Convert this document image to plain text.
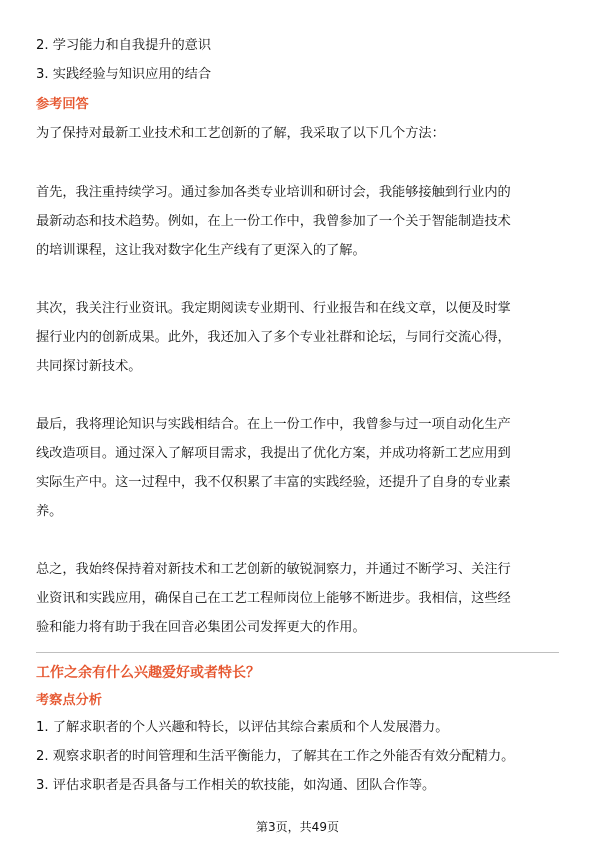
2. 学习能力和自我提升的意识
3. 实践经验与知识应用的结合
参考回答
为了保持对最新工业技术和工艺创新的了解，我采取了以下几个方法：
首先，我注重持续学习。通过参加各类专业培训和研讨会，我能够接触到行业内的
最新动态和技术趋势。例如，在上一份工作中，我曾参加了一个关于智能制造技术
的培训课程，这让我对数字化生产线有了更深入的了解。
其次，我关注行业资讯。我定期阅读专业期刊、行业报告和在线文章，以便及时掌
握行业内的创新成果。此外，我还加入了多个专业社群和论坛，与同行交流心得，
共同探讨新技术。
最后，我将理论知识与实践相结合。在上一份工作中，我曾参与过一项自动化生产
线改造项目。通过深入了解项目需求，我提出了优化方案，并成功将新工艺应用到
实际生产中。这一过程中，我不仅积累了丰富的实践经验，还提升了自身的专业素
养。
总之，我始终保持着对新技术和工艺创新的敏锐洞察力，并通过不断学习、关注行
业资讯和实践应用，确保自己在工艺工程师岗位上能够不断进步。我相信，这些经
验和能力将有助于我在回音必集团公司发挥更大的作用。
工作之余有什么兴趣爱好或者特长？
考察点分析
1. 了解求职者的个人兴趣和特长，以评估其综合素质和个人发展潜力。
2. 观察求职者的时间管理和生活平衡能力，了解其在工作之外能否有效分配精力。
3. 评估求职者是否具备与工作相关的软技能，如沟通、团队合作等。
第3页，共49页
